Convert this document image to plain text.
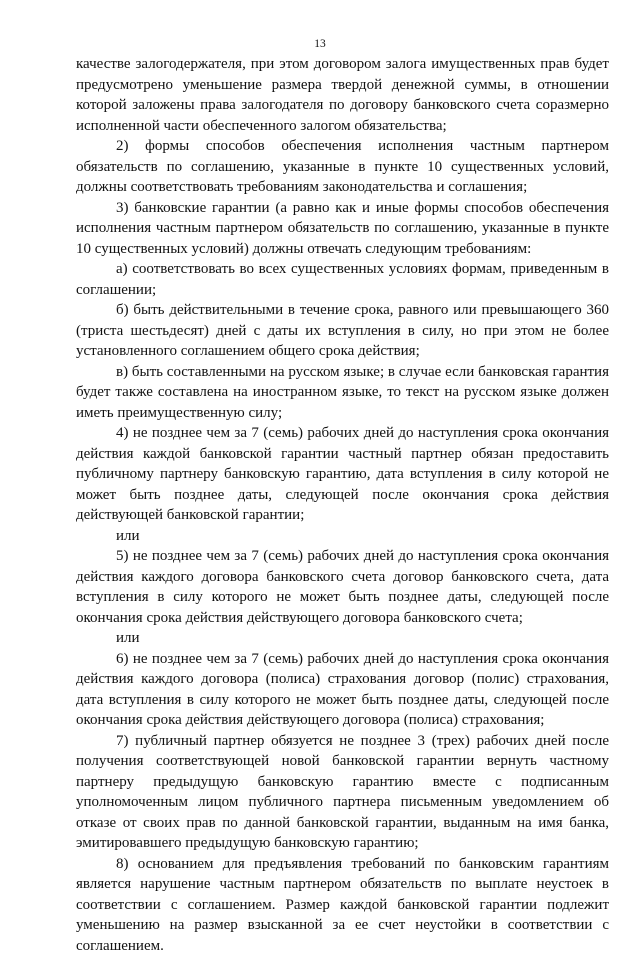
13

качестве залогодержателя, при этом договором залога имущественных прав будет предусмотрено уменьшение размера твердой денежной суммы, в отношении которой заложены права залогодателя по договору банковского счета соразмерно исполненной части обеспеченного залогом обязательства;

2) формы способов обеспечения исполнения частным партнером обязательств по соглашению, указанные в пункте 10 существенных условий, должны соответствовать требованиям законодательства и соглашения;

3) банковские гарантии (а равно как и иные формы способов обеспечения исполнения частным партнером обязательств по соглашению, указанные в пункте 10 существенных условий) должны отвечать следующим требованиям:

а) соответствовать во всех существенных условиях формам, приведенным в соглашении;

б) быть действительными в течение срока, равного или превышающего 360 (триста шестьдесят) дней с даты их вступления в силу, но при этом не более установленного соглашением общего срока действия;

в) быть составленными на русском языке; в случае если банковская гарантия будет также составлена на иностранном языке, то текст на русском языке должен иметь преимущественную силу;

4) не позднее чем за 7 (семь) рабочих дней до наступления срока окончания действия каждой банковской гарантии частный партнер обязан предоставить публичному партнеру банковскую гарантию, дата вступления в силу которой не может быть позднее даты, следующей после окончания срока действия действующей банковской гарантии;

или

5) не позднее чем за 7 (семь) рабочих дней до наступления срока окончания действия каждого договора банковского счета договор банковского счета, дата вступления в силу которого не может быть позднее даты, следующей после окончания срока действия действующего договора банковского счета;

или

6) не позднее чем за 7 (семь) рабочих дней до наступления срока окончания действия каждого договора (полиса) страхования договор (полис) страхования, дата вступления в силу которого не может быть позднее даты, следующей после окончания срока действия действующего договора (полиса) страхования;

7) публичный партнер обязуется не позднее 3 (трех) рабочих дней после получения соответствующей новой банковской гарантии вернуть частному партнеру предыдущую банковскую гарантию вместе с подписанным уполномоченным лицом публичного партнера письменным уведомлением об отказе от своих прав по данной банковской гарантии, выданным на имя банка, эмитировавшего предыдущую банковскую гарантию;

8) основанием для предъявления требований по банковским гарантиям является нарушение частным партнером обязательств по выплате неустоек в соответствии с соглашением. Размер каждой банковской гарантии подлежит уменьшению на размер взысканной за ее счет неустойки в соответствии с соглашением.
